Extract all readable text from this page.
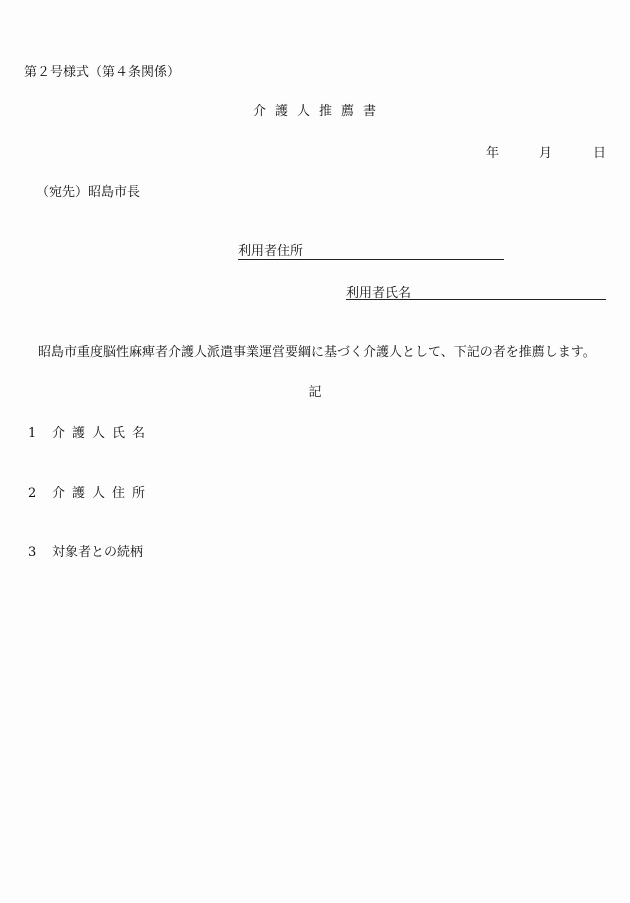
第２号様式（第４条関係）
介護人推薦書
年	月	日
（宛先）昭島市長
利用者住所
利用者氏名
昭島市重度脳性麻痺者介護人派遣事業運営要綱に基づく介護人として、下記の者を推薦します。
記
1 介護人氏名
2 介護人住所
3 対象者との続柄
